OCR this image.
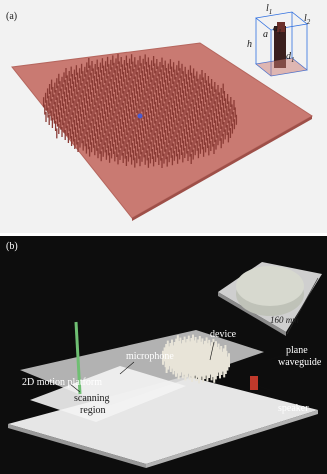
(a)
$l_1$
$l_2$
h
a
$a_1$
$d_1$
(b)
160 mm
device
microphone
plane
waveguide
2D motion platform
scanning
region	speaker
